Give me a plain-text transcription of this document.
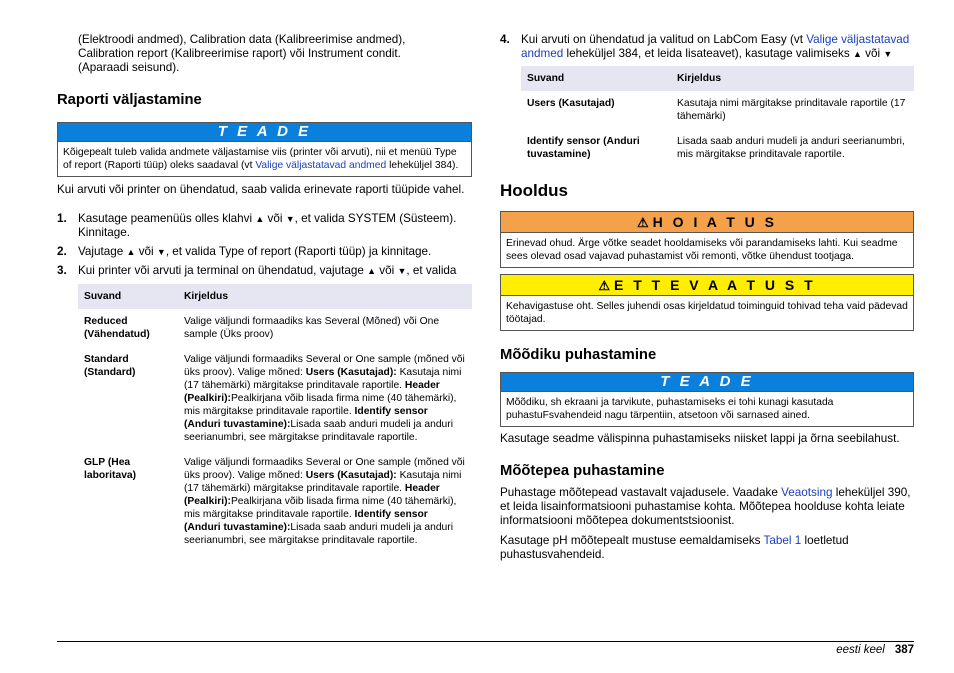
(Elektroodi andmed), Calibration data (Kalibreerimise andmed),

Calibration report (Kalibreerimise raport) või Instrument condit.

(Aparaadi seisund).

Raporti väljastamine
T E A D E
Kõigepealt tuleb valida andmete väljastamise viis (printer või arvuti), nii et menüü Type of report (Raporti tüüp) oleks saadaval (vt Valige väljastatavad andmed leheküljel 384).

Kui arvuti või printer on ühendatud, saab valida erinevate raporti tüüpide vahel.

1. Kasutage peamenüüs olles klahvi ▲ või ▼, et valida SYSTEM (Süsteem). Kinnitage.
2. Vajutage ▲ või ▼, et valida Type of report (Raporti tüüp) ja kinnitage.
3. Kui printer või arvuti ja terminal on ühendatud, vajutage ▲ või ▼, et valida
Suvand	Kirjeldus
Reduced (Vähendatud)	Valige väljundi formaadiks kas Several (Mõned) või One sample (Üks proov)
Standard (Standard)	Valige väljundi formaadiks Several or One sample (mõned või üks proov). Valige mõned: Users (Kasutajad): Kasutaja nimi (17 tähemärki) märgitakse prinditavale raportile. Header (Pealkiri):Pealkirjana võib lisada firma nime (40 tähemärki), mis märgitakse prinditavale raportile. Identify sensor (Anduri tuvastamine):Lisada saab anduri mudeli ja anduri seerianumbri, see märgitakse prinditavale raportile.
GLP (Hea laboritava)	Valige väljundi formaadiks Several or One sample (mõned või üks proov). Valige mõned: Users (Kasutajad): Kasutaja nimi (17 tähemärki) märgitakse prinditavale raportile. Header (Pealkiri):Pealkirjana võib lisada firma nime (40 tähemärki), mis märgitakse prinditavale raportile. Identify sensor (Anduri tuvastamine):Lisada saab anduri mudeli ja anduri seerianumbri, see märgitakse prinditavale raportile.
4. Kui arvuti on ühendatud ja valitud on LabCom Easy (vt Valige väljastatavad andmed leheküljel 384, et leida lisateavet), kasutage valimiseks ▲ või ▼
Suvand	Kirjeldus
Users (Kasutajad)	Kasutaja nimi märgitakse prinditavale raportile (17 tähemärki)
Identify sensor (Anduri tuvastamine)	Lisada saab anduri mudeli ja anduri seerianumbri, mis märgitakse prinditavale raportile.
Hooldus
⚠ H O I A T U S
Erinevad ohud. Ärge võtke seadet hooldamiseks või parandamiseks lahti. Kui seadme sees olevad osad vajavad puhastamist või remonti, võtke ühendust tootjaga.
⚠ E T T E V A A T U S T
Kehavigastuse oht. Selles juhendi osas kirjeldatud toiminguid tohivad teha vaid pädevad töötajad.
Mõõdiku puhastamine
T E A D E
Mõõdiku, sh ekraani ja tarvikute, puhastamiseks ei tohi kunagi kasutada puhastuFsvahendeid nagu tärpentiin, atsetoon või sarnased ained.

Kasutage seadme välispinna puhastamiseks niisket lappi ja õrna seebilahust.

Mõõtepea puhastamine

Puhastage mõõtepead vastavalt vajadusele. Vaadake Veaotsing leheküljel 390, et leida lisainformatsiooni puhastamise kohta. Mõõtepea hoolduse kohta leiate informatsiooni mõõtepea dokumentstsioonist.

Kasutage pH mõõtepealt mustuse eemaldamiseks Tabel 1 loetletud puhastusvahendeid.

eesti keel 387
